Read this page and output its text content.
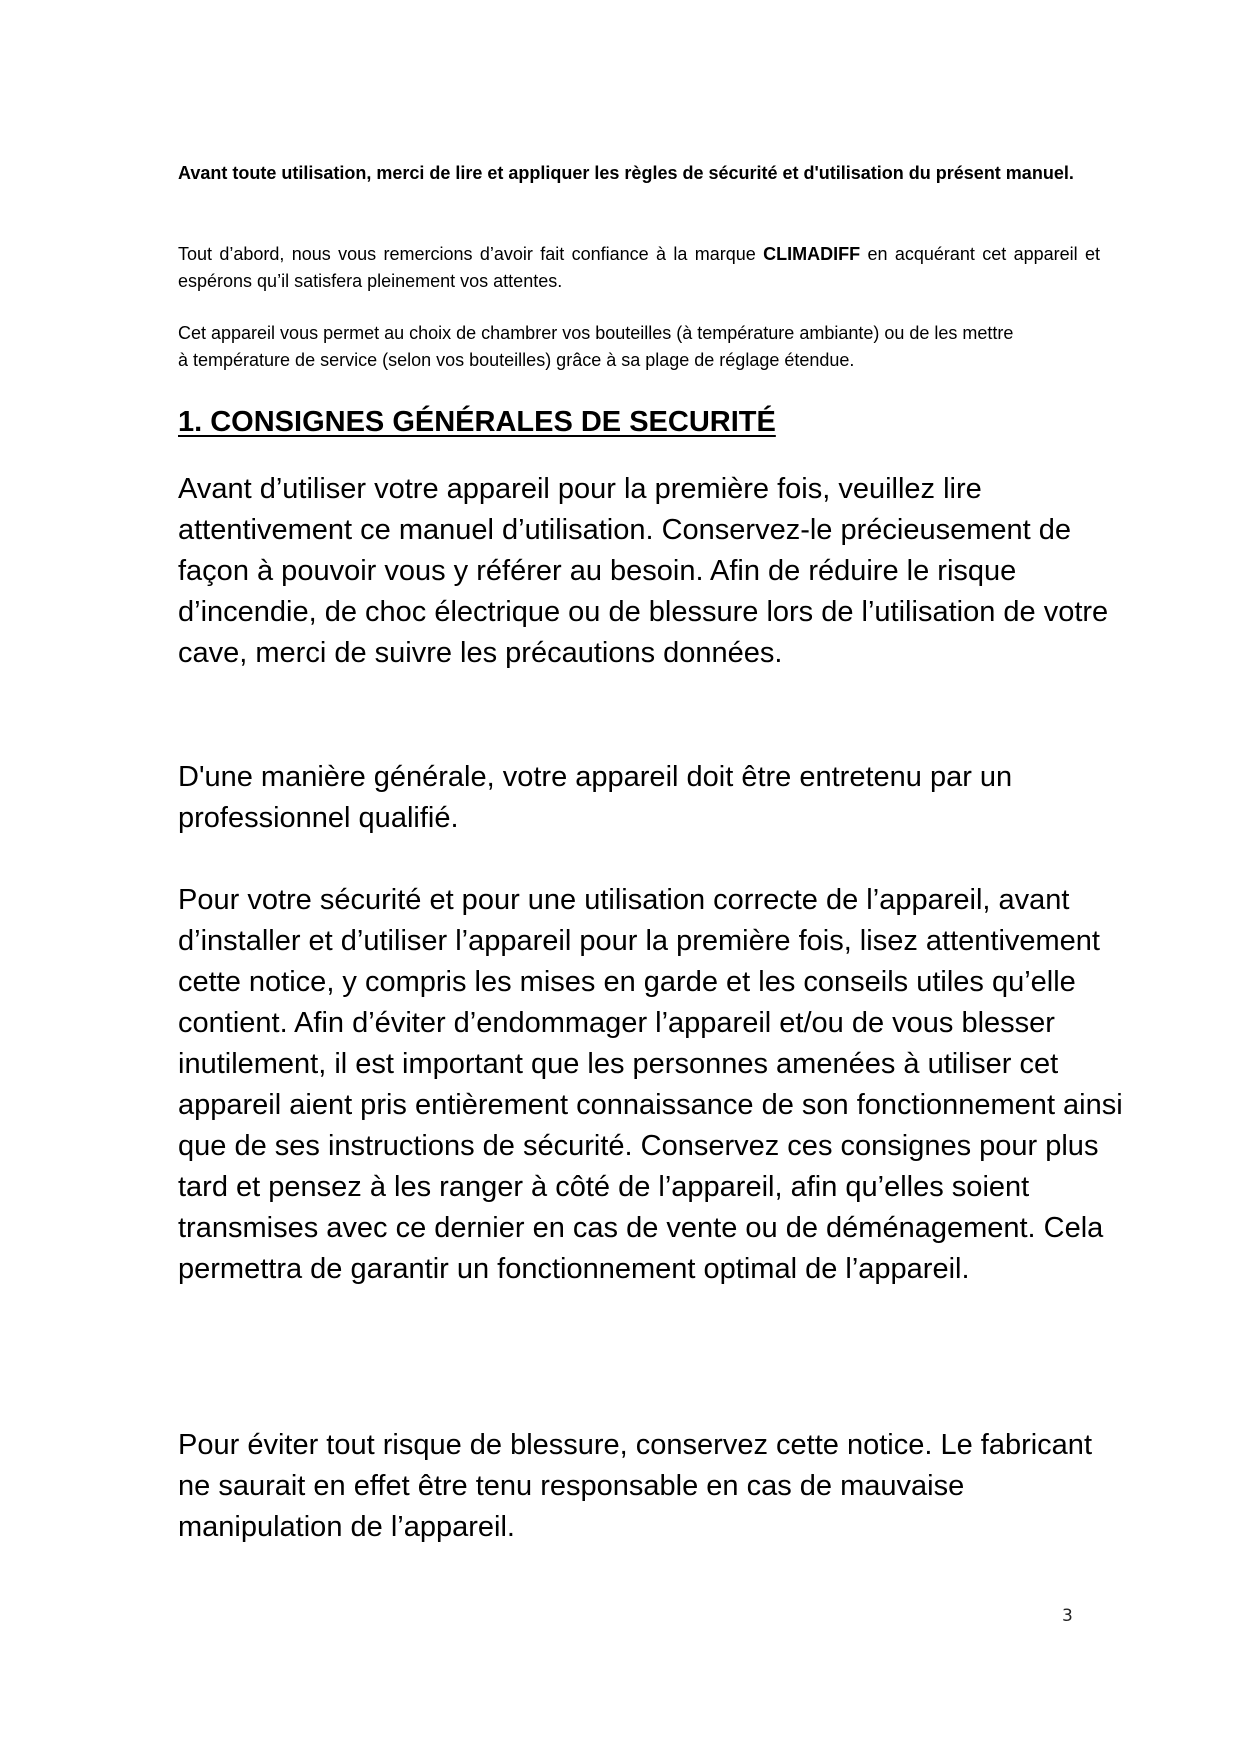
Avant toute utilisation, merci de lire et appliquer les règles de sécurité et d'utilisation du présent manuel.

Tout d’abord, nous vous remercions d’avoir fait confiance à la marque CLIMADIFF en acquérant cet appareil et espérons qu’il satisfera pleinement vos attentes.

Cet appareil vous permet au choix de chambrer vos bouteilles (à température ambiante) ou de les mettre
à température de service (selon vos bouteilles) grâce à sa plage de réglage étendue.

1. CONSIGNES GÉNÉRALES DE SECURITÉ

Avant d’utiliser votre appareil pour la première fois, veuillez lire attentivement ce manuel d’utilisation. Conservez-le précieusement de façon à pouvoir vous y référer au besoin. Afin de réduire le risque d’incendie, de choc électrique ou de blessure lors de l’utilisation de votre cave, merci de suivre les précautions données.

D'une manière générale, votre appareil doit être entretenu par un professionnel qualifié.

Pour votre sécurité et pour une utilisation correcte de l’appareil, avant d’installer et d’utiliser l’appareil pour la première fois, lisez attentivement cette notice, y compris les mises en garde et les conseils utiles qu’elle contient. Afin d’éviter d’endommager l’appareil et/ou de vous blesser inutilement, il est important que les personnes amenées à utiliser cet appareil aient pris entièrement connaissance de son fonctionnement ainsi que de ses instructions de sécurité. Conservez ces consignes pour plus tard et pensez à les ranger à côté de l’appareil, afin qu’elles soient transmises avec ce dernier en cas de vente ou de déménagement. Cela permettra de garantir un fonctionnement optimal de l’appareil.

Pour éviter tout risque de blessure, conservez cette notice. Le fabricant ne saurait en effet être tenu responsable en cas de mauvaise manipulation de l’appareil.

3
